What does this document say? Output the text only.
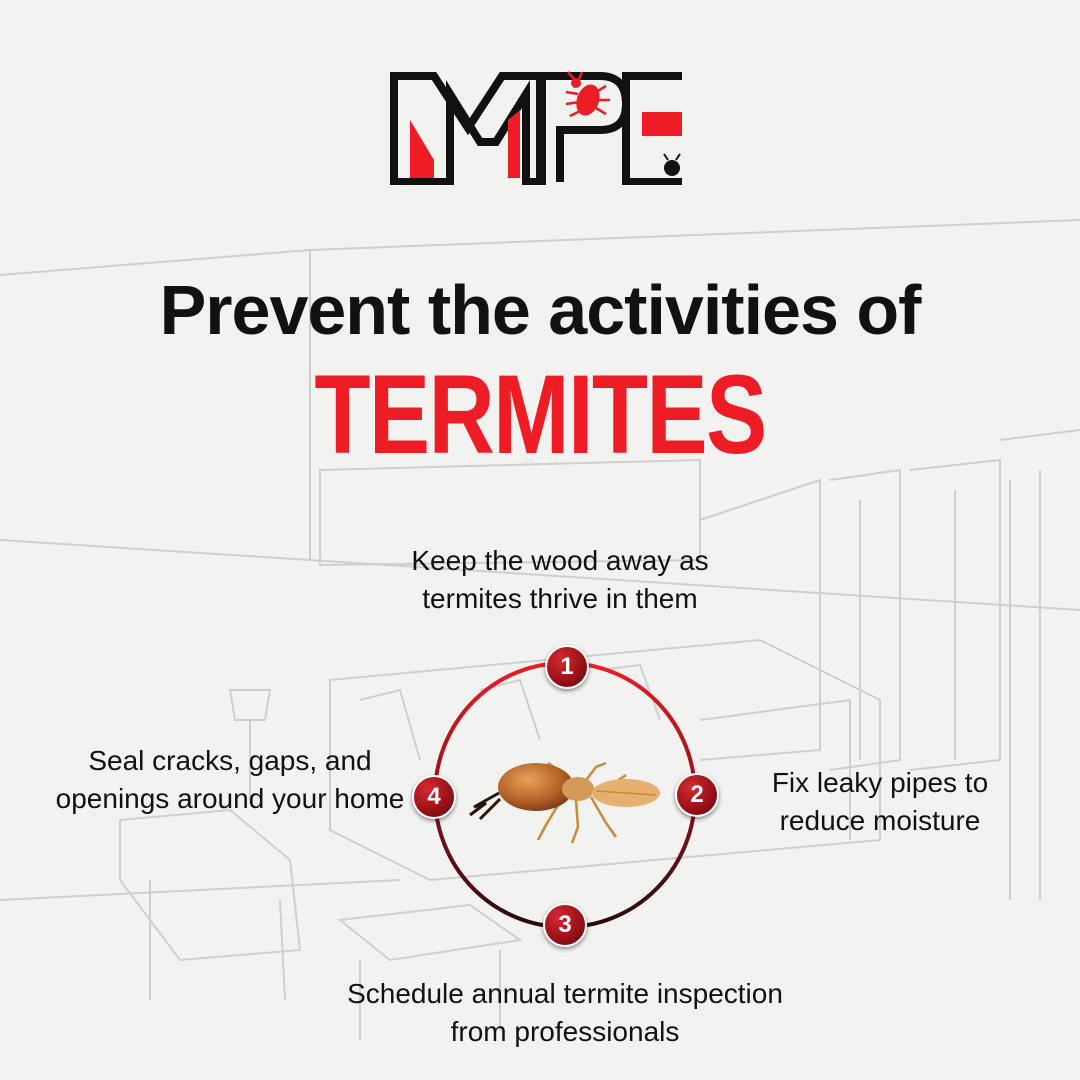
Prevent the activities of
TERMITES
Keep the wood away as termites thrive in them
Fix leaky pipes to reduce moisture
Schedule annual termite inspection from professionals
Seal cracks, gaps, and openings around your home
1
2
3
4
